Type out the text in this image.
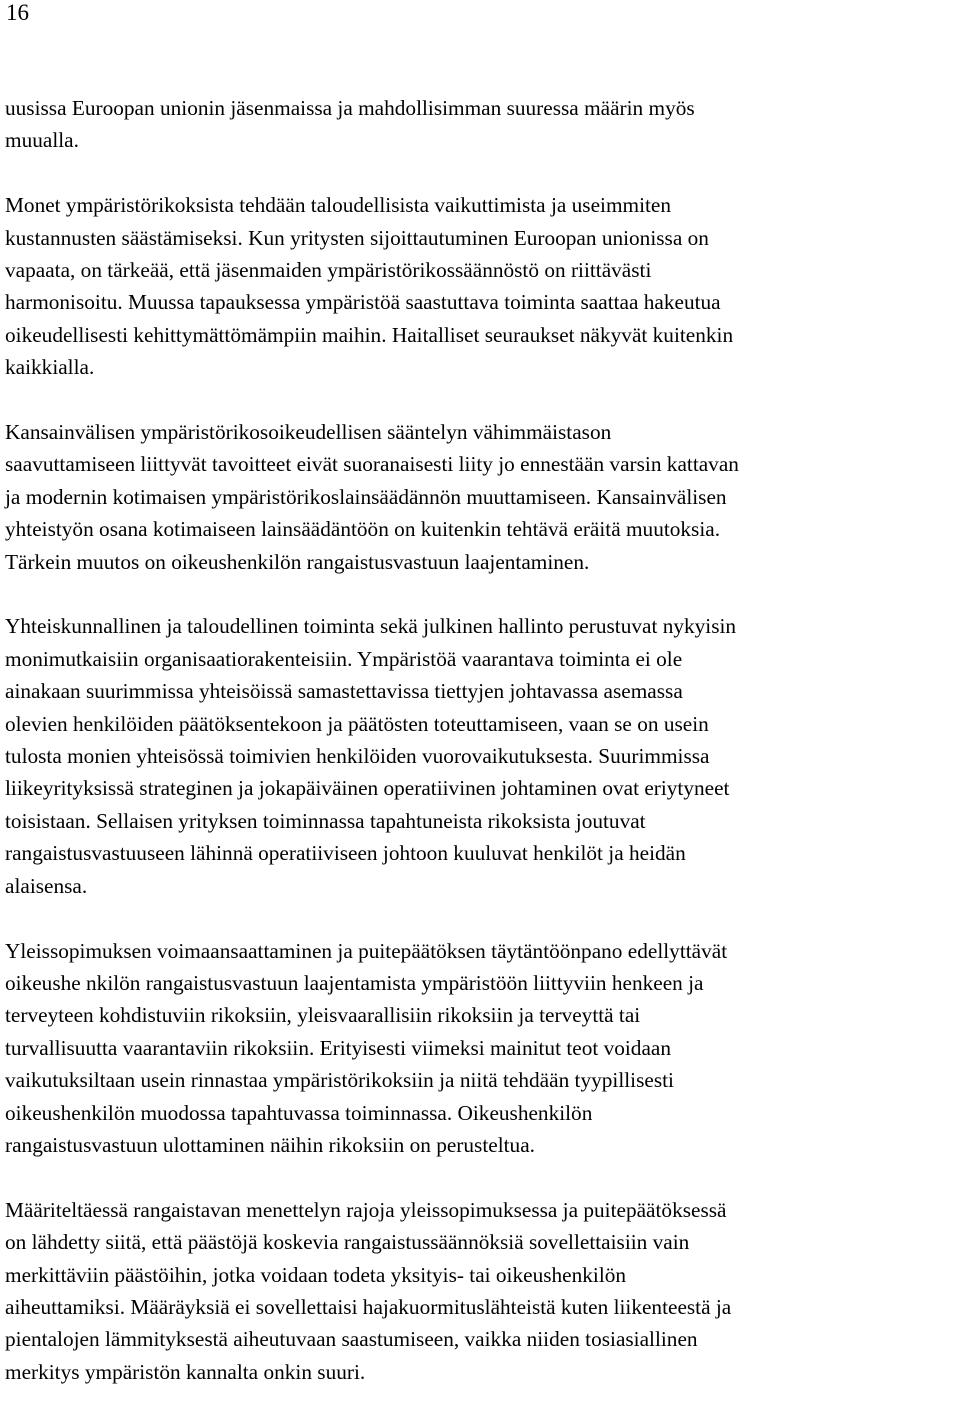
16

uusissa Euroopan unionin jäsenmaissa ja mahdollisimman suuressa määrin myös
muualla.

Monet ympäristörikoksista tehdään taloudellisista vaikuttimista ja useimmiten
kustannusten säästämiseksi. Kun yritysten sijoittautuminen Euroopan unionissa on
vapaata, on tärkeää, että jäsenmaiden ympäristörikossäännöstö on riittävästi
harmonisoitu. Muussa tapauksessa ympäristöä saastuttava toiminta saattaa hakeutua
oikeudellisesti kehittymättömämpiin maihin. Haitalliset seuraukset näkyvät kuitenkin
kaikkialla.

Kansainvälisen ympäristörikosoikeudellisen sääntelyn vähimmäistason
saavuttamiseen liittyvät tavoitteet eivät suoranaisesti liity jo ennestään varsin kattavan
ja modernin kotimaisen ympäristörikoslainsäädännön muuttamiseen. Kansainvälisen
yhteistyön osana kotimaiseen lainsäädäntöön on kuitenkin tehtävä eräitä muutoksia.
Tärkein muutos on oikeushenkilön rangaistusvastuun laajentaminen.

Yhteiskunnallinen ja taloudellinen toiminta sekä julkinen hallinto perustuvat nykyisin
monimutkaisiin organisaatiorakenteisiin. Ympäristöä vaarantava toiminta ei ole
ainakaan suurimmissa yhteisöissä samastettavissa tiettyjen johtavassa asemassa
olevien henkilöiden päätöksentekoon ja päätösten toteuttamiseen, vaan se on usein
tulosta monien yhteisössä toimivien henkilöiden vuorovaikutuksesta. Suurimmissa
liikeyrityksissä strateginen ja jokapäiväinen operatiivinen johtaminen ovat eriytyneet
toisistaan. Sellaisen yrityksen toiminnassa tapahtuneista rikoksista joutuvat
rangaistusvastuuseen lähinnä operatiiviseen johtoon kuuluvat henkilöt ja heidän
alaisensa.

Yleissopimuksen voimaansaattaminen ja puitepäätöksen täytäntöönpano edellyttävät
oikeushe nkilön rangaistusvastuun laajentamista ympäristöön liittyviin henkeen ja
terveyteen kohdistuviin rikoksiin, yleisvaarallisiin rikoksiin ja terveyttä tai
turvallisuutta vaarantaviin rikoksiin. Erityisesti viimeksi mainitut teot voidaan
vaikutuksiltaan usein rinnastaa ympäristörikoksiin ja niitä tehdään tyypillisesti
oikeushenkilön muodossa tapahtuvassa toiminnassa. Oikeushenkilön
rangaistusvastuun ulottaminen näihin rikoksiin on perusteltua.

Määriteltäessä rangaistavan menettelyn rajoja yleissopimuksessa ja puitepäätöksessä
on lähdetty siitä, että päästöjä koskevia rangaistussäännöksiä sovellettaisiin vain
merkittäviin päästöihin, jotka voidaan todeta yksityis- tai oikeushenkilön
aiheuttamiksi. Määräyksiä ei sovellettaisi hajakuormituslähteistä kuten liikenteestä ja
pientalojen lämmityksestä aiheutuvaan saastumiseen, vaikka niiden tosiasiallinen
merkitys ympäristön kannalta onkin suuri.
